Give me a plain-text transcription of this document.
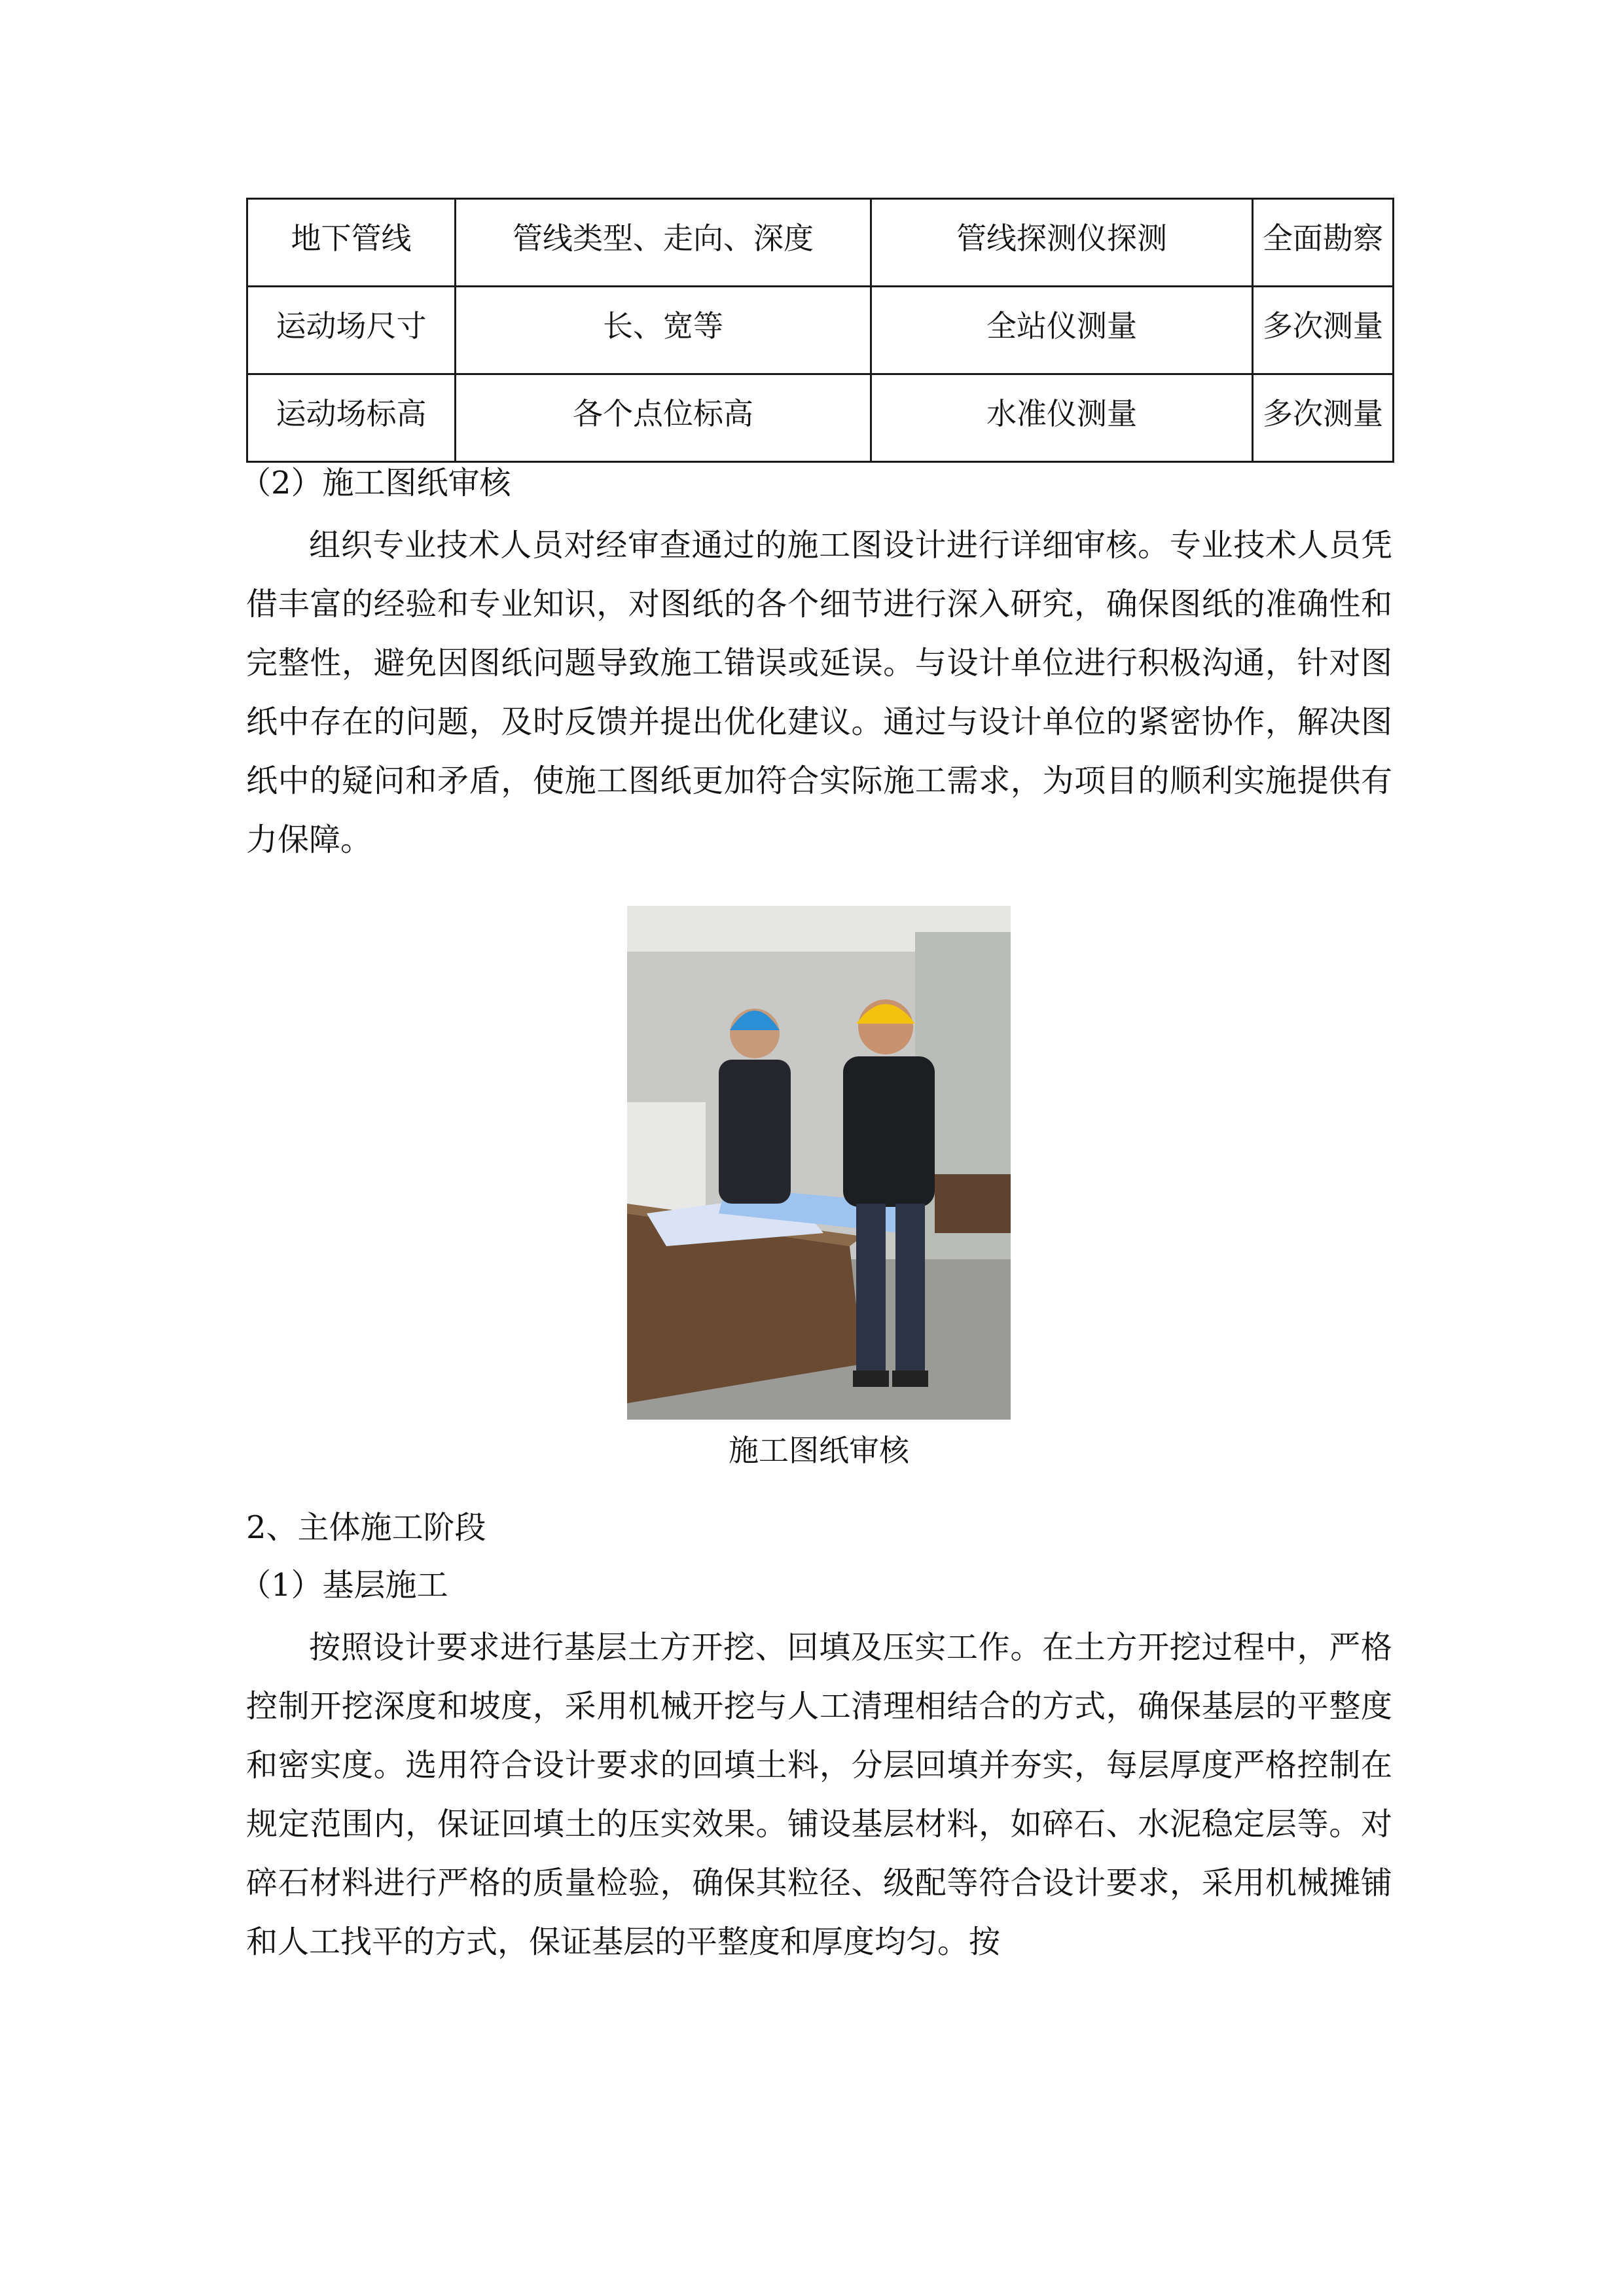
地下管线	管线类型、走向、深度	管线探测仪探测	全面勘察
运动场尺寸	长、宽等	全站仪测量	多次测量
运动场标高	各个点位标高	水准仪测量	多次测量
（2）施工图纸审核

组织专业技术人员对经审查通过的施工图设计进行详细审核。专业技术人员凭借丰富的经验和专业知识，对图纸的各个细节进行深入研究，确保图纸的准确性和完整性，避免因图纸问题导致施工错误或延误。与设计单位进行积极沟通，针对图纸中存在的问题，及时反馈并提出优化建议。通过与设计单位的紧密协作，解决图纸中的疑问和矛盾，使施工图纸更加符合实际施工需求，为项目的顺利实施提供有力保障。

施工图纸审核
2、主体施工阶段
（1）基层施工

按照设计要求进行基层土方开挖、回填及压实工作。在土方开挖过程中，严格控制开挖深度和坡度，采用机械开挖与人工清理相结合的方式，确保基层的平整度和密实度。选用符合设计要求的回填土料，分层回填并夯实，每层厚度严格控制在规定范围内，保证回填土的压实效果。铺设基层材料，如碎石、水泥稳定层等。对碎石材料进行严格的质量检验，确保其粒径、级配等符合设计要求，采用机械摊铺和人工找平的方式，保证基层的平整度和厚度均匀。按
